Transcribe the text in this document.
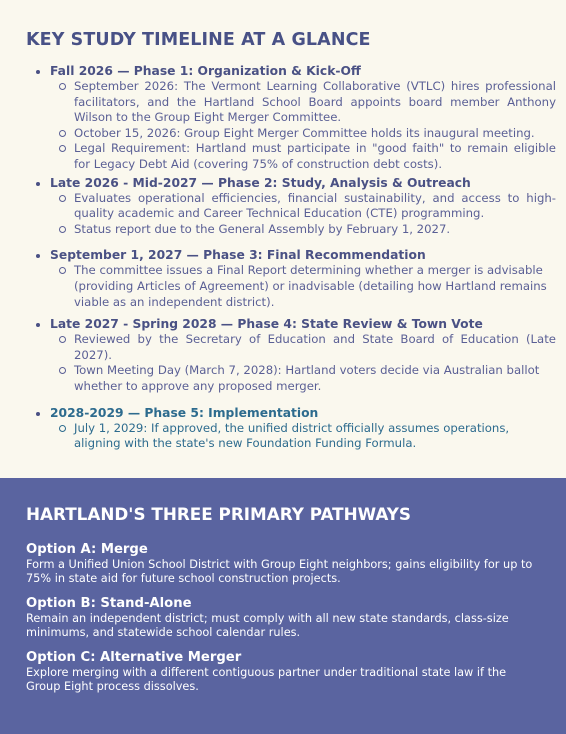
KEY STUDY TIMELINE AT A GLANCE
Fall 2026 — Phase 1: Organization & Kick-Off
September 2026: The Vermont Learning Collaborative (VTLC) hires professional facilitators, and the Hartland School Board appoints board member Anthony Wilson to the Group Eight Merger Committee.
October 15, 2026: Group Eight Merger Committee holds its inaugural meeting.
Legal Requirement: Hartland must participate in "good faith" to remain eligible for Legacy Debt Aid (covering 75% of construction debt costs).
Late 2026 - Mid-2027 — Phase 2: Study, Analysis & Outreach
Evaluates operational efficiencies, financial sustainability, and access to high-quality academic and Career Technical Education (CTE) programming.
Status report due to the General Assembly by February 1, 2027.
September 1, 2027 — Phase 3: Final Recommendation
The committee issues a Final Report determining whether a merger is advisable (providing Articles of Agreement) or inadvisable (detailing how Hartland remains viable as an independent district).
Late 2027 - Spring 2028 — Phase 4: State Review & Town Vote
Reviewed by the Secretary of Education and State Board of Education (Late 2027).
Town Meeting Day (March 7, 2028): Hartland voters decide via Australian ballot whether to approve any proposed merger.
2028-2029 — Phase 5: Implementation
July 1, 2029: If approved, the unified district officially assumes operations, aligning with the state's new Foundation Funding Formula.
HARTLAND'S THREE PRIMARY PATHWAYS
Option A: Merge
Form a Unified Union School District with Group Eight neighbors; gains eligibility for up to 75% in state aid for future school construction projects.
Option B: Stand-Alone
Remain an independent district; must comply with all new state standards, class-size minimums, and statewide school calendar rules.
Option C: Alternative Merger
Explore merging with a different contiguous partner under traditional state law if the Group Eight process dissolves.
